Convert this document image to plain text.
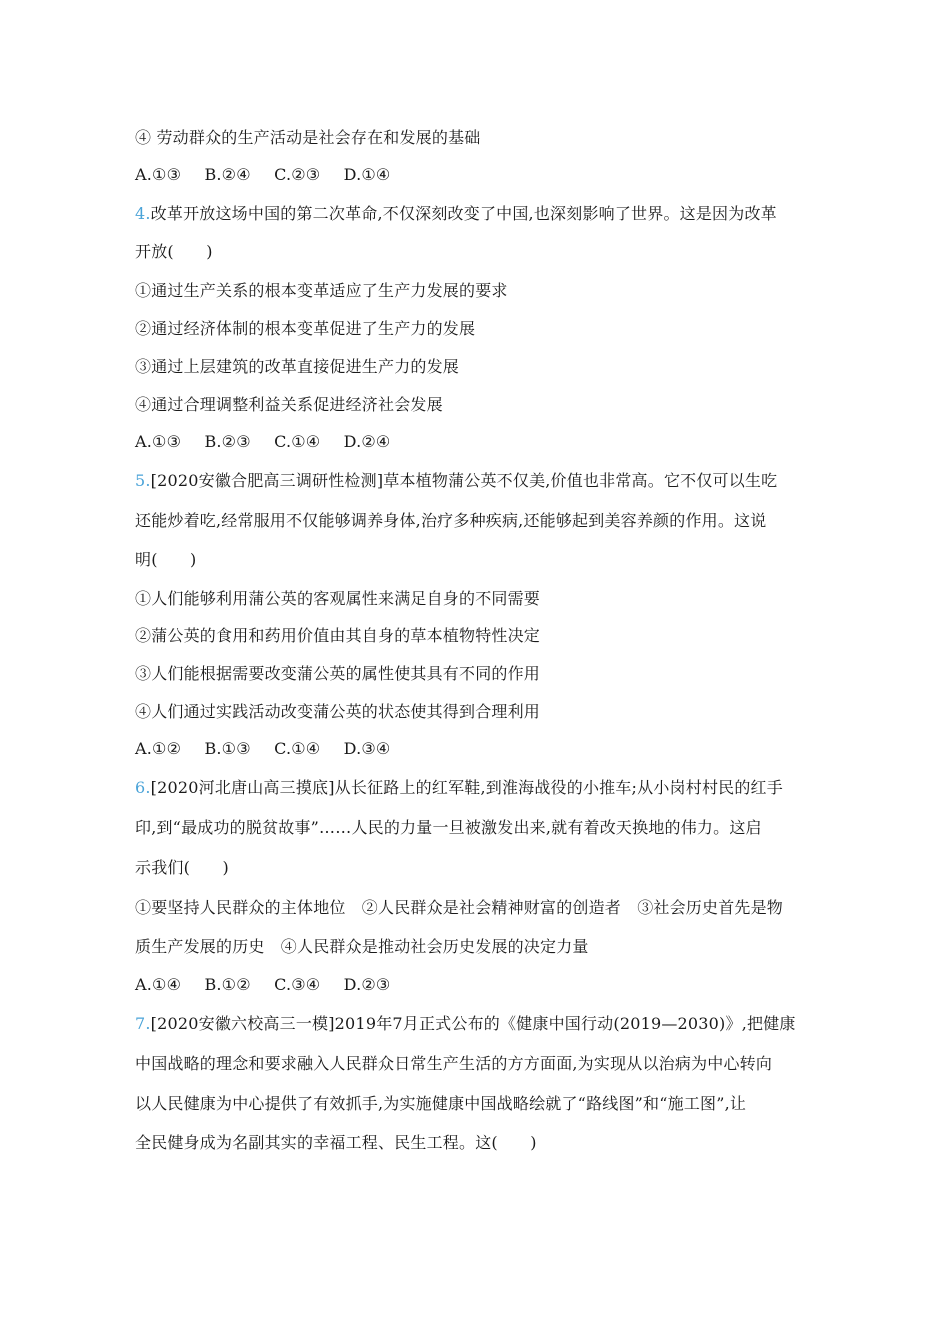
④ 劳动群众的生产活动是社会存在和发展的基础
A.①③ B.②④ C.②③ D.①④
4.改革开放这场中国的第二次革命,不仅深刻改变了中国,也深刻影响了世界。这是因为改革
开放(　　)
①通过生产关系的根本变革适应了生产力发展的要求
②通过经济体制的根本变革促进了生产力的发展
③通过上层建筑的改革直接促进生产力的发展
④通过合理调整利益关系促进经济社会发展
A.①③ B.②③ C.①④ D.②④
5.[2020安徽合肥高三调研性检测]草本植物蒲公英不仅美,价值也非常高。它不仅可以生吃
还能炒着吃,经常服用不仅能够调养身体,治疗多种疾病,还能够起到美容养颜的作用。这说
明(　　)
①人们能够利用蒲公英的客观属性来满足自身的不同需要
②蒲公英的食用和药用价值由其自身的草本植物特性决定
③人们能根据需要改变蒲公英的属性使其具有不同的作用
④人们通过实践活动改变蒲公英的状态使其得到合理利用
A.①② B.①③ C.①④ D.③④
6.[2020河北唐山高三摸底]从长征路上的红军鞋,到淮海战役的小推车;从小岗村村民的红手
印,到“最成功的脱贫故事”……人民的力量一旦被激发出来,就有着改天换地的伟力。这启
示我们(　　)
①要坚持人民群众的主体地位　②人民群众是社会精神财富的创造者　③社会历史首先是物
质生产发展的历史　④人民群众是推动社会历史发展的决定力量
A.①④ B.①② C.③④ D.②③
7.[2020安徽六校高三一模]2019年7月正式公布的《健康中国行动(2019—2030)》,把健康
中国战略的理念和要求融入人民群众日常生产生活的方方面面,为实现从以治病为中心转向
以人民健康为中心提供了有效抓手,为实施健康中国战略绘就了“路线图”和“施工图”,让
全民健身成为名副其实的幸福工程、民生工程。这(　　)
